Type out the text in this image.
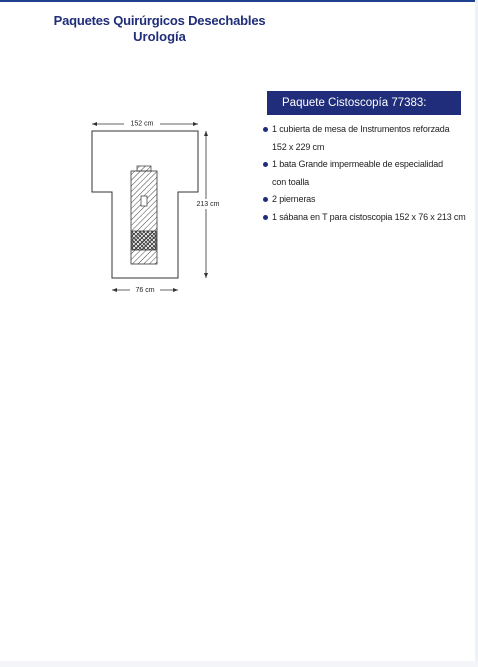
Paquetes Quirúrgicos Desechables
Urología
152 cm
213 cm
76 cm
Paquete Cistoscopía 77383:
1 cubierta de mesa de Instrumentos reforzada
152 x 229 cm
1 bata Grande impermeable de especialidad
con toalla
2 pierneras
1 sábana en T para cistoscopia 152 x 76 x 213 cm
